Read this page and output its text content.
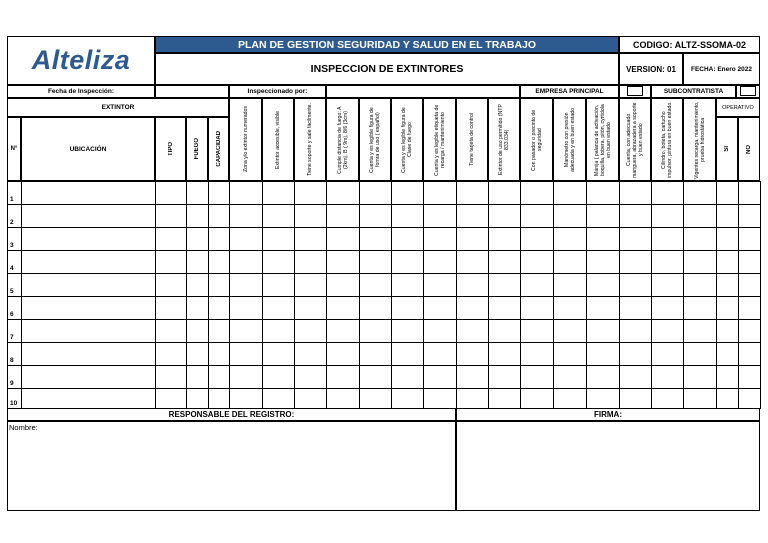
Alteliza
PLAN DE GESTION SEGURIDAD Y SALUD EN EL TRABAJO
INSPECCION DE EXTINTORES
CODIGO: ALTZ-SSOMA-02
VERSION: 01	FECHA: Enero 2022
Fecha de Inspección:	Inspeccionado por:	EMPRESA PRINCIPAL	SUBCONTRATISTA
EXTINTOR
N°	UBICACIÓN	TIPO	FUEGO	CAPACIDAD	Zona y/o extintor numerados	Extintor accesible, visible	Tiene soporte y sale fácilmente.	Cumple distancia de fuego: A (2km), B ( 9m), 8/6 (3cm)	Cuenta y es legible figura de fomra de uso ( español)	Cuenta y es legible figura de Clase de fuego	Cuenta y es legible etiqueta de recarga / mantenimiento	Tiene tarjeta de control	Extintor de uso permitido (NTP 833.034)	Con pasador o precinto de seguridad	Manómetro con presión adecuada y en buen estado	Manija ( palanca de activación, boquilla, tobera, pitón, cyrtidola en buen estado	Cuenta, con adecuado manguera, abrazadera a soporte y buen estado	Cilindro, boteta, cartucho impulsor, pintura en buen estado.	Vigentes recarga, mantenimiento, prueba hidrostática
OPERATIVO
SI	NO
1
2
3
4
5
6
7
8
9
10
RESPONSABLE DEL REGISTRO:	FIRMA:
Nombre:
